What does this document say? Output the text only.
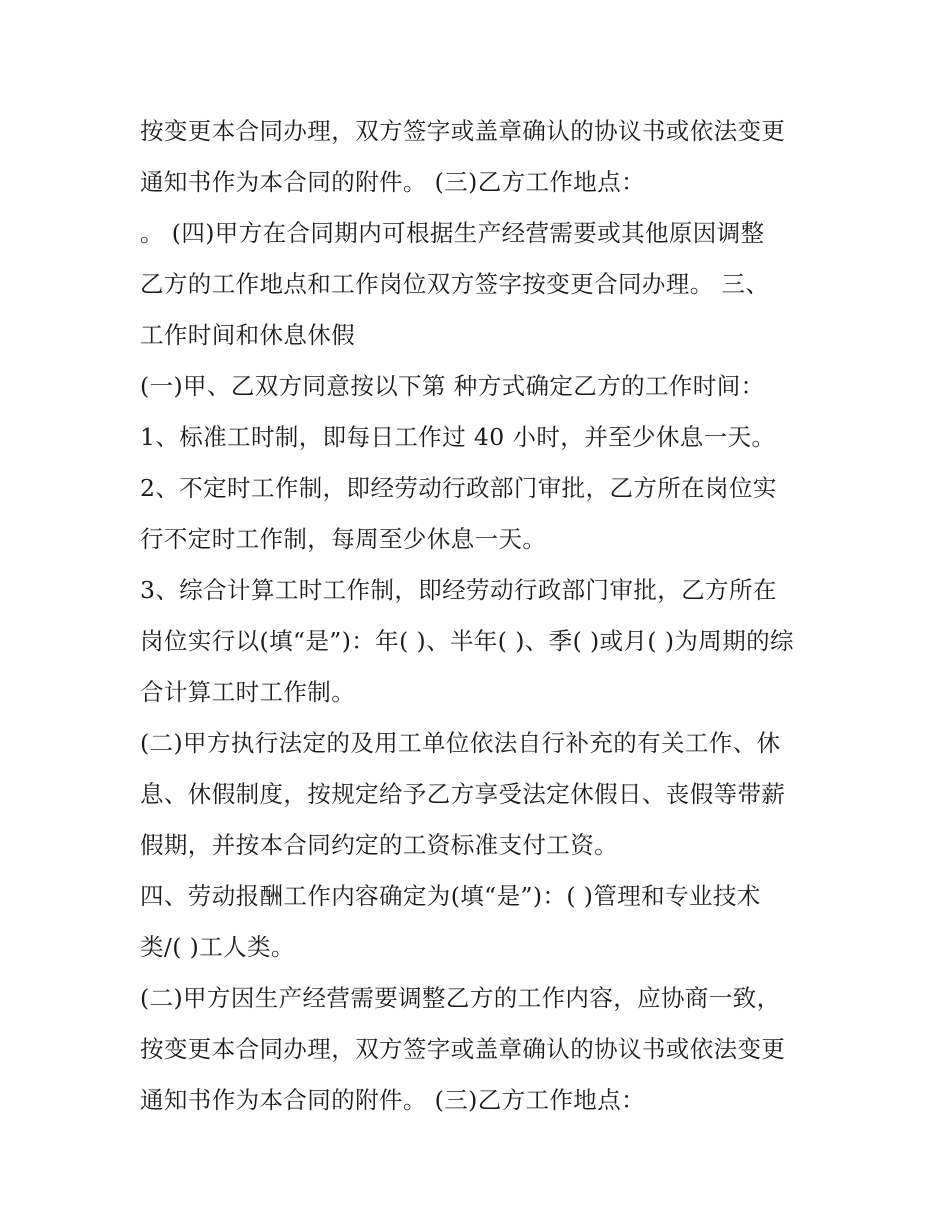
按变更本合同办理，双方签字或盖章确认的协议书或依法变更
通知书作为本合同的附件。 (三)乙方工作地点：
。 (四)甲方在合同期内可根据生产经营需要或其他原因调整
乙方的工作地点和工作岗位双方签字按变更合同办理。 三、
工作时间和休息休假
(一)甲、乙双方同意按以下第 种方式确定乙方的工作时间：
1、标准工时制，即每日工作过 40 小时，并至少休息一天。
2、不定时工作制，即经劳动行政部门审批，乙方所在岗位实
行不定时工作制，每周至少休息一天。
3、综合计算工时工作制，即经劳动行政部门审批，乙方所在
岗位实行以(填“是”)：年( )、半年( )、季( )或月( )为周期的综
合计算工时工作制。
(二)甲方执行法定的及用工单位依法自行补充的有关工作、休
息、休假制度，按规定给予乙方享受法定休假日、丧假等带薪
假期，并按本合同约定的工资标准支付工资。
四、劳动报酬工作内容确定为(填“是”)：( )管理和专业技术
类/( )工人类。
(二)甲方因生产经营需要调整乙方的工作内容，应协商一致，
按变更本合同办理，双方签字或盖章确认的协议书或依法变更
通知书作为本合同的附件。 (三)乙方工作地点：
